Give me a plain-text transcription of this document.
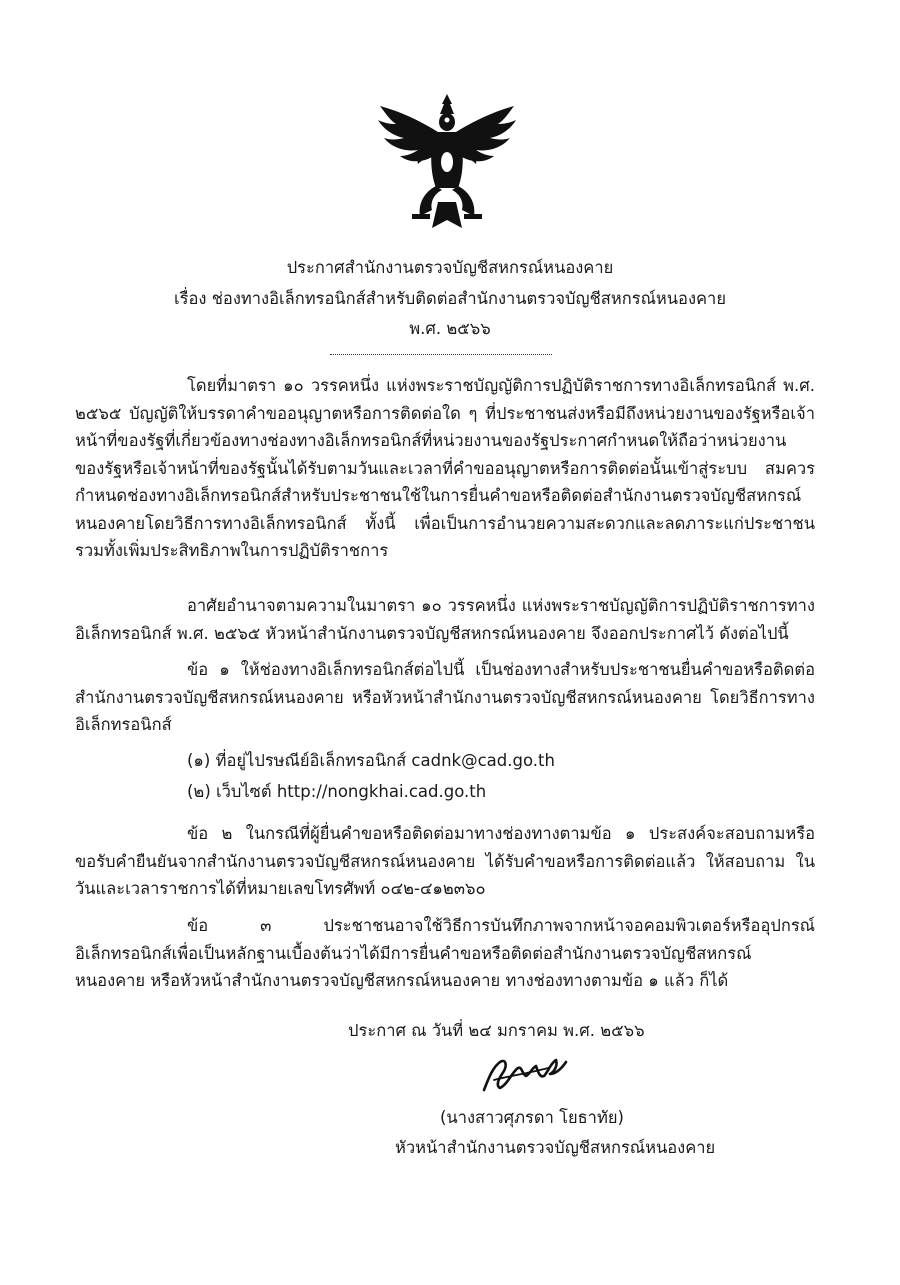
ประกาศสำนักงานตรวจบัญชีสหกรณ์หนองคาย
เรื่อง ช่องทางอิเล็กทรอนิกส์สำหรับติดต่อสำนักงานตรวจบัญชีสหกรณ์หนองคาย
พ.ศ. ๒๕๖๖
โดยที่มาตรา ๑๐ วรรคหนึ่ง แห่งพระราชบัญญัติการปฏิบัติราชการทางอิเล็กทรอนิกส์ พ.ศ. ๒๕๖๕ บัญญัติให้บรรดาคำขออนุญาตหรือการติดต่อใด ๆ ที่ประชาชนส่งหรือมีถึงหน่วยงานของรัฐหรือเจ้าหน้าที่ของรัฐที่เกี่ยวข้องทางช่องทางอิเล็กทรอนิกส์ที่หน่วยงานของรัฐประกาศกำหนดให้ถือว่าหน่วยงานของรัฐหรือเจ้าหน้าที่ของรัฐนั้นได้รับตามวันและเวลาที่คำขออนุญาตหรือการติดต่อนั้นเข้าสู่ระบบ สมควรกำหนดช่องทางอิเล็กทรอนิกส์สำหรับประชาชนใช้ในการยื่นคำขอหรือติดต่อสำนักงานตรวจบัญชีสหกรณ์หนองคายโดยวิธีการทางอิเล็กทรอนิกส์ ทั้งนี้ เพื่อเป็นการอำนวยความสะดวกและลดภาระแก่ประชาชน รวมทั้งเพิ่มประสิทธิภาพในการปฏิบัติราชการ
อาศัยอำนาจตามความในมาตรา ๑๐ วรรคหนึ่ง แห่งพระราชบัญญัติการปฏิบัติราชการทางอิเล็กทรอนิกส์ พ.ศ. ๒๕๖๕ หัวหน้าสำนักงานตรวจบัญชีสหกรณ์หนองคาย จึงออกประกาศไว้ ดังต่อไปนี้
ข้อ ๑ ให้ช่องทางอิเล็กทรอนิกส์ต่อไปนี้ เป็นช่องทางสำหรับประชาชนยื่นคำขอหรือติดต่อสำนักงานตรวจบัญชีสหกรณ์หนองคาย หรือหัวหน้าสำนักงานตรวจบัญชีสหกรณ์หนองคาย โดยวิธีการทางอิเล็กทรอนิกส์
(๑) ที่อยู่ไปรษณีย์อิเล็กทรอนิกส์ cadnk@cad.go.th
(๒) เว็บไซต์ http://nongkhai.cad.go.th
ข้อ ๒ ในกรณีที่ผู้ยื่นคำขอหรือติดต่อมาทางช่องทางตามข้อ ๑ ประสงค์จะสอบถามหรือขอรับคำยืนยันจากสำนักงานตรวจบัญชีสหกรณ์หนองคาย ได้รับคำขอหรือการติดต่อแล้ว ให้สอบถาม ในวันและเวลาราชการได้ที่หมายเลขโทรศัพท์ ๐๔๒-๔๑๒๓๖๐
ข้อ ๓ ประชาชนอาจใช้วิธีการบันทึกภาพจากหน้าจอคอมพิวเตอร์หรืออุปกรณ์อิเล็กทรอนิกส์เพื่อเป็นหลักฐานเบื้องต้นว่าได้มีการยื่นคำขอหรือติดต่อสำนักงานตรวจบัญชีสหกรณ์หนองคาย หรือหัวหน้าสำนักงานตรวจบัญชีสหกรณ์หนองคาย ทางช่องทางตามข้อ ๑ แล้ว ก็ได้
ประกาศ ณ วันที่ ๒๔ มกราคม พ.ศ. ๒๕๖๖
(นางสาวศุภรดา โยธาทัย)
หัวหน้าสำนักงานตรวจบัญชีสหกรณ์หนองคาย
